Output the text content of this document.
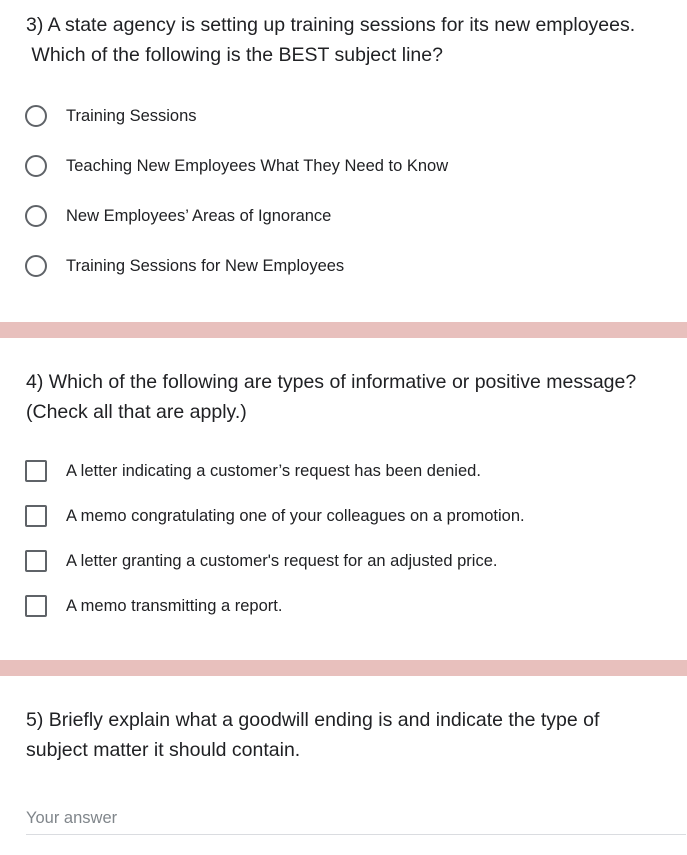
3) A state agency is setting up training sessions for its new employees.
Which of the following is the BEST subject line?
Training Sessions
Teaching New Employees What They Need to Know
New Employees’ Areas of Ignorance
Training Sessions for New Employees
4) Which of the following are types of informative or positive message?
(Check all that are apply.)
A letter indicating a customer’s request has been denied.
A memo congratulating one of your colleagues on a promotion.
A letter granting a customer's request for an adjusted price.
A memo transmitting a report.
5) Briefly explain what a goodwill ending is and indicate the type of
subject matter it should contain.
Your answer
